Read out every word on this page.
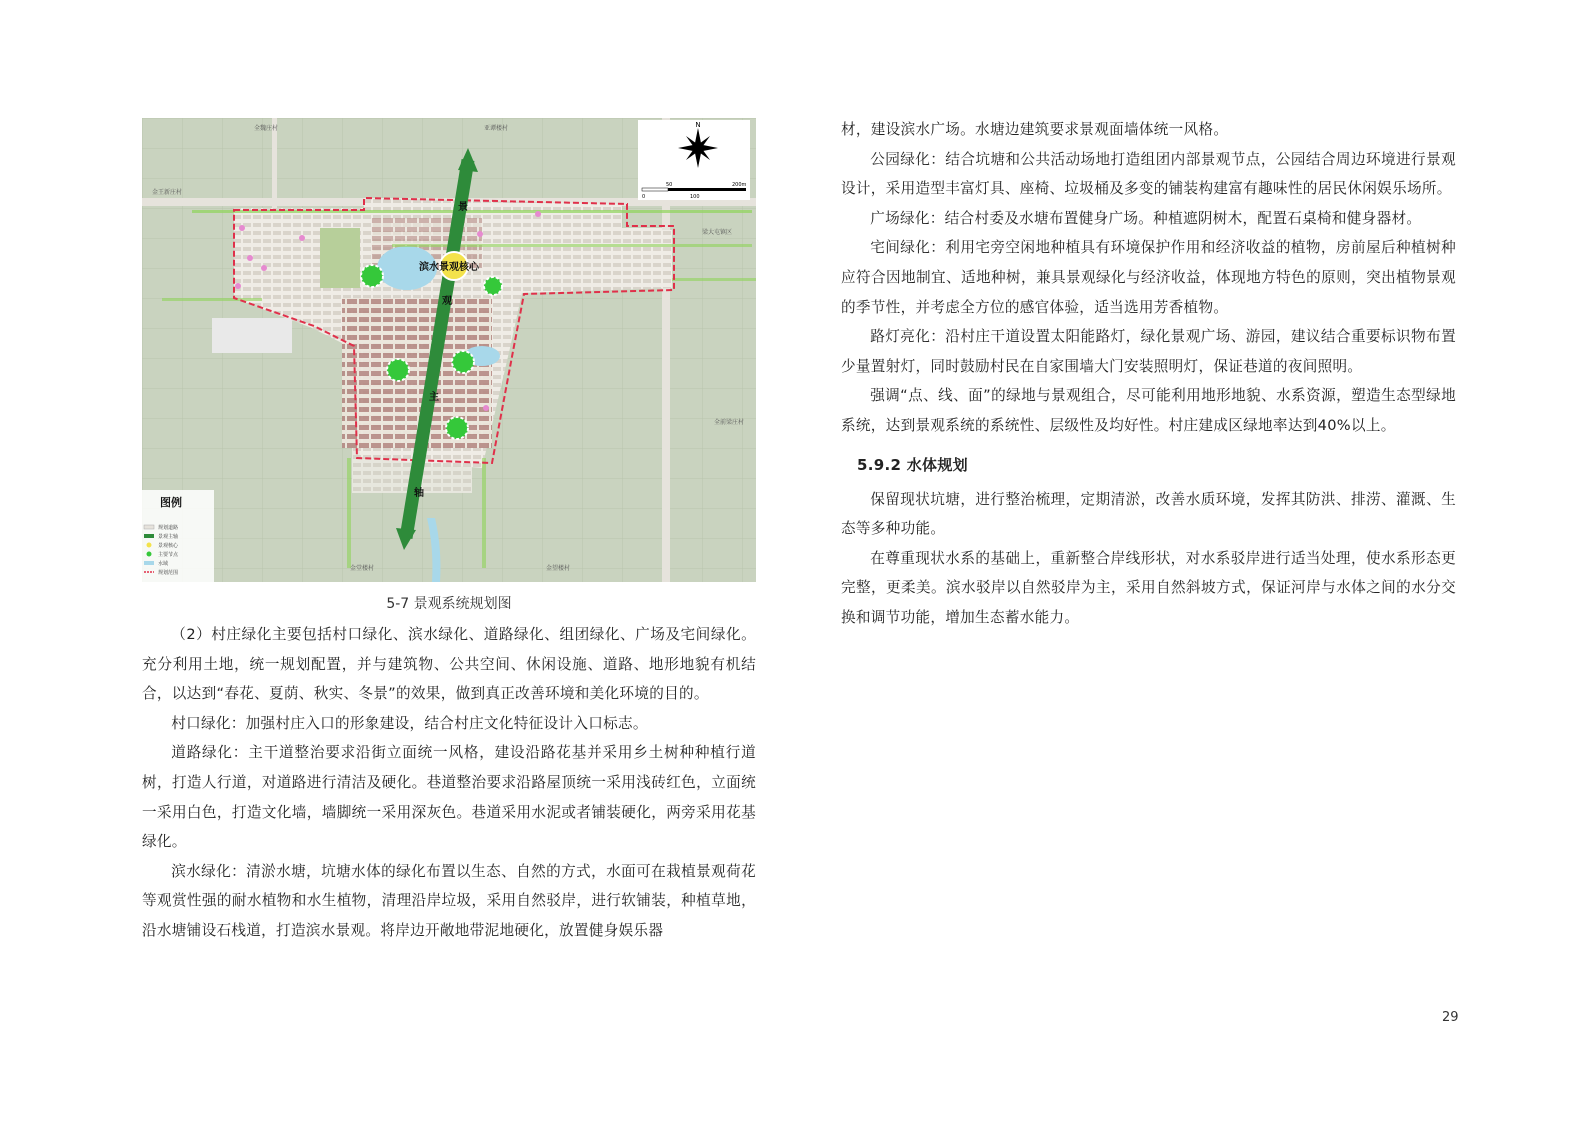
N
0
50
100
200m
滨水景观核心
景
观
主
轴
全魏庄村	亚谭楼村
金王新庄村
梁大屯镇区
全前梁庄村
金堂楼村	金望楼村
图例
规划道路
景观主轴
景观核心
主要节点
水域
规划范围
5-7 景观系统规划图

（2）村庄绿化主要包括村口绿化、滨水绿化、道路绿化、组团绿化、广场及宅间绿化。充分利用土地，统一规划配置，并与建筑物、公共空间、休闲设施、道路、地形地貌有机结合，以达到“春花、夏荫、秋实、冬景”的效果，做到真正改善环境和美化环境的目的。

村口绿化：加强村庄入口的形象建设，结合村庄文化特征设计入口标志。

道路绿化：主干道整治要求沿街立面统一风格，建设沿路花基并采用乡土树种种植行道树，打造人行道，对道路进行清洁及硬化。巷道整治要求沿路屋顶统一采用浅砖红色，立面统一采用白色，打造文化墙，墙脚统一采用深灰色。巷道采用水泥或者铺装硬化，两旁采用花基绿化。

滨水绿化：清淤水塘，坑塘水体的绿化布置以生态、自然的方式，水面可在栽植景观荷花等观赏性强的耐水植物和水生植物，清理沿岸垃圾，采用自然驳岸，进行软铺装，种植草地，沿水塘铺设石栈道，打造滨水景观。将岸边开敞地带泥地硬化，放置健身娱乐器

材，建设滨水广场。水塘边建筑要求景观面墙体统一风格。

公园绿化：结合坑塘和公共活动场地打造组团内部景观节点，公园结合周边环境进行景观设计，采用造型丰富灯具、座椅、垃圾桶及多变的铺装构建富有趣味性的居民休闲娱乐场所。

广场绿化：结合村委及水塘布置健身广场。种植遮阴树木，配置石桌椅和健身器材。

宅间绿化：利用宅旁空闲地种植具有环境保护作用和经济收益的植物，房前屋后种植树种应符合因地制宜、适地种树，兼具景观绿化与经济收益，体现地方特色的原则，突出植物景观的季节性，并考虑全方位的感官体验，适当选用芳香植物。

路灯亮化：沿村庄干道设置太阳能路灯，绿化景观广场、游园，建议结合重要标识物布置少量置射灯，同时鼓励村民在自家围墙大门安装照明灯，保证巷道的夜间照明。

强调“点、线、面”的绿地与景观组合，尽可能利用地形地貌、水系资源，塑造生态型绿地系统，达到景观系统的系统性、层级性及均好性。村庄建成区绿地率达到40%以上。

5.9.2 水体规划

保留现状坑塘，进行整治梳理，定期清淤，改善水质环境，发挥其防洪、排涝、灌溉、生态等多种功能。

在尊重现状水系的基础上，重新整合岸线形状，对水系驳岸进行适当处理，使水系形态更完整，更柔美。滨水驳岸以自然驳岸为主，采用自然斜坡方式，保证河岸与水体之间的水分交换和调节功能，增加生态蓄水能力。

29
